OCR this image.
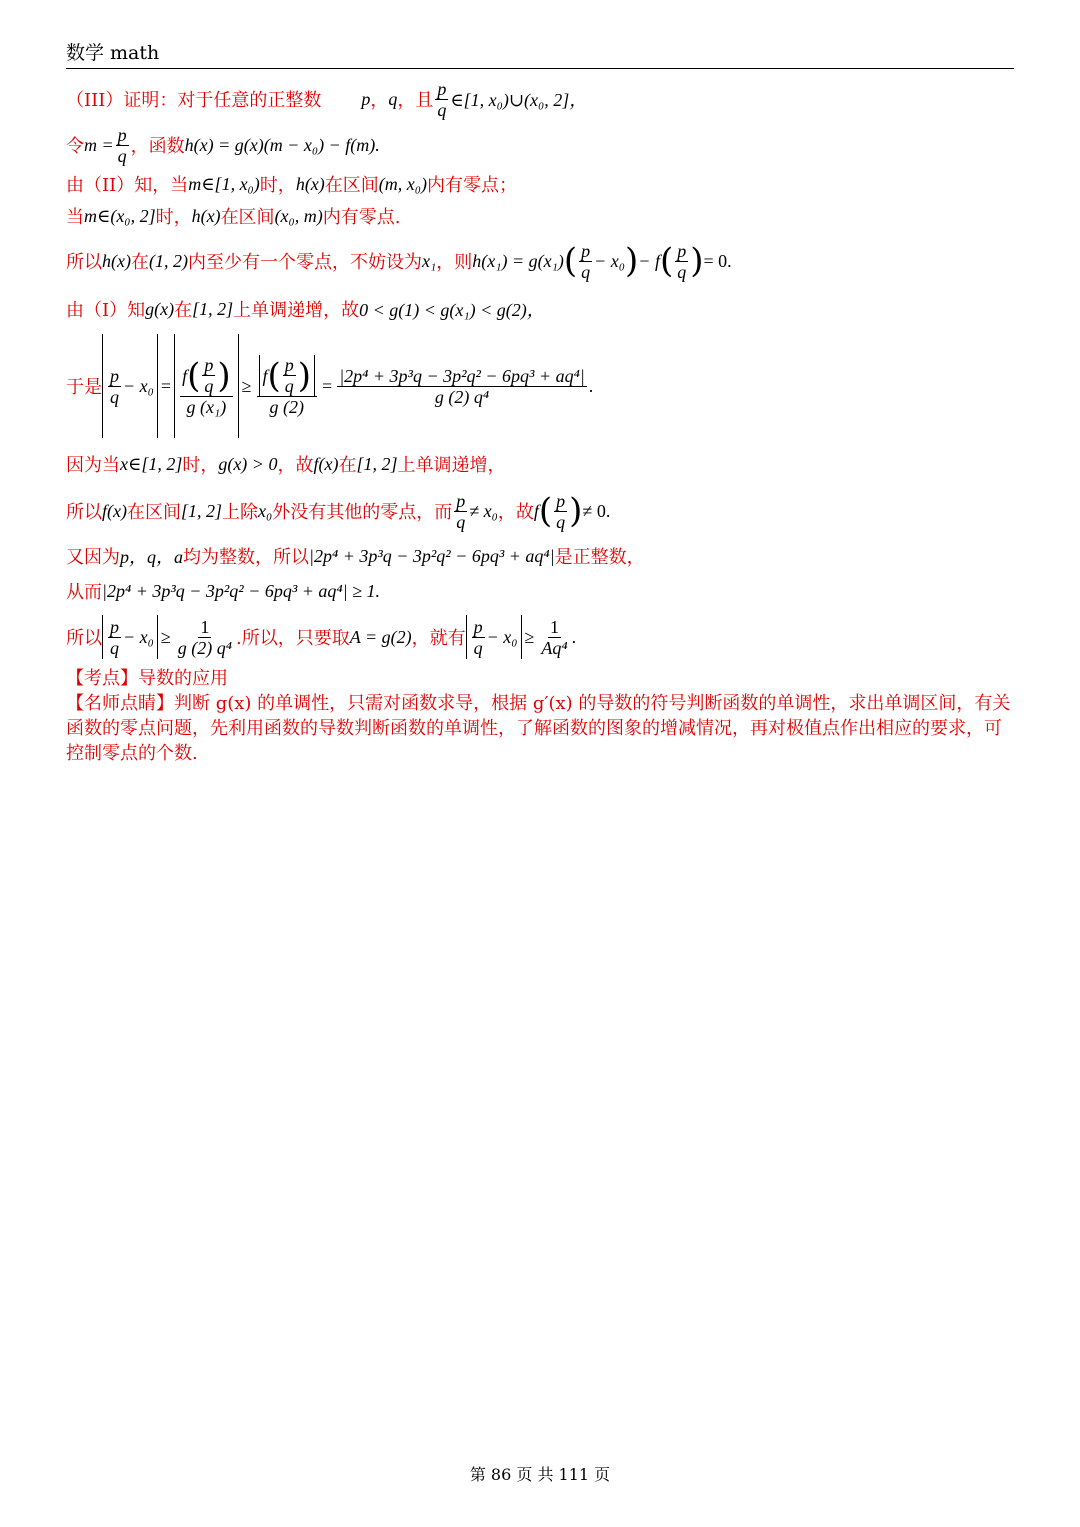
数学 math
（III）证明：对于任意的正整数 p ， q ，且 $\frac{p}{q}$ ∈[1, x₀)∪(x₀, 2]，
令 $m = \frac{p}{q}$ ，函数 h(x) = g(x)(m − x₀) − f(m).
由（II）知，当 m∈[1, x₀) 时， h(x) 在区间 (m, x₀) 内有零点；
当 m∈(x₀, 2] 时， h(x) 在区间 (x₀, m) 内有零点.
所以 h(x) 在 (1, 2) 内至少有一个零点，不妨设为 x₁ ，则 h(x₁) = g(x₁) ( $\frac{p}{q} - x_0$ ) − f ( $\frac{p}{q}$ ) = 0.
由（I）知 g(x) 在 [1, 2] 上单调递增，故 0 < g(1) < g(x₁) < g(2)，
于是 $\frac{p}{q} - x_0 = \frac{f ( \frac{p}{q} )}{\text{g (x₁)}} \ge \frac{f ( \frac{p}{q} )}{g (2)} = \frac{\text{|2p⁴ + 3p³q − 3p²q² − 6pq³ + aq⁴|}}{\text{g (2) q⁴}}$ .
因为当 x∈[1, 2] 时， g(x) > 0 ，故 f(x) 在 [1, 2] 上单调递增，
所以 f(x) 在区间 [1, 2] 上除 x₀ 外没有其他的零点，而 $\frac{p}{q} \ne x_0$ ，故 f ( $\frac{p}{q}$ ) ≠ 0.
又因为 p，q，a 均为整数，所以 |2p⁴ + 3p³q − 3p²q² − 6pq³ + aq⁴| 是正整数，
从而 |2p⁴ + 3p³q − 3p²q² − 6pq³ + aq⁴| ≥ 1.
所以 $\frac{p}{q} - x_0 \ge \frac{1}{\text{g (2) q⁴}}$ .所以，只要取 A = g(2) ，就有 $\frac{p}{q} - x_0 \ge \frac{1}{\text{Aq⁴}}$ .
【考点】导数的应用
【名师点睛】判断 g(x) 的单调性，只需对函数求导，根据 g′(x) 的导数的符号判断函数的单调性，求出单调区间，有关函数的零点问题，先利用函数的导数判断函数的单调性，了解函数的图象的增减情况，再对极值点作出相应的要求，可控制零点的个数.
第 86 页 共 111 页
